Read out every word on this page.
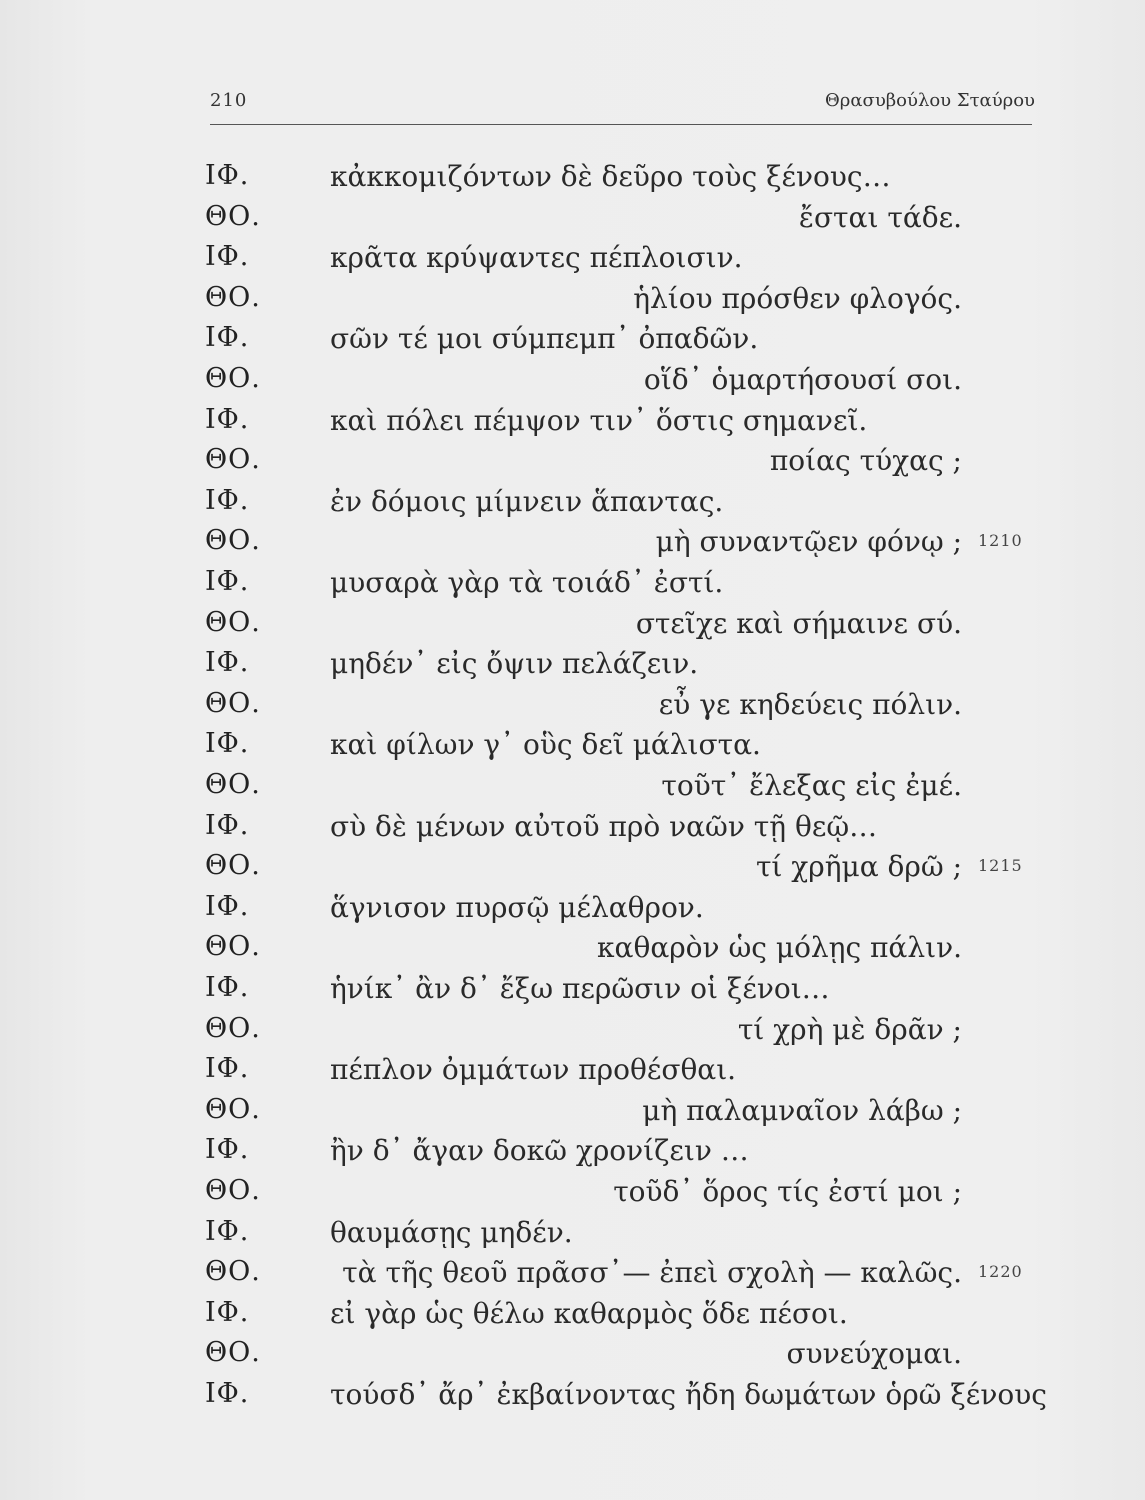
210	Θρασυβούλου Σταύρου
ΙΦ.	κἀκκομιζόντων δὲ δεῦρο τοὺς ξένους…
ΘΟ.	ἔσται τάδε.
ΙΦ.	κρᾶτα κρύψαντες πέπλοισιν.
ΘΟ.	ἡλίου πρόσθεν φλογός.
ΙΦ.	σῶν τέ μοι σύμπεμπ᾽ ὀπαδῶν.
ΘΟ.	οἵδ᾽ ὁμαρτήσουσί σοι.
ΙΦ.	καὶ πόλει πέμψον τιν᾽ ὅστις σημανεῖ.
ΘΟ.	ποίας τύχας ;
ΙΦ.	ἐν δόμοις μίμνειν ἅπαντας.
ΘΟ.	μὴ συναντῷεν φόνῳ ; 1210
ΙΦ.	μυσαρὰ γὰρ τὰ τοιάδ᾽ ἐστί.
ΘΟ.	στεῖχε καὶ σήμαινε σύ.
ΙΦ.	μηδέν᾽ εἰς ὄψιν πελάζειν.
ΘΟ.	εὖ γε κηδεύεις πόλιν.
ΙΦ.	καὶ φίλων γ᾽ οὓς δεῖ μάλιστα.
ΘΟ.	τοῦτ᾽ ἔλεξας εἰς ἐμέ.
ΙΦ.	σὺ δὲ μένων αὐτοῦ πρὸ ναῶν τῇ θεῷ…
ΘΟ.	τί χρῆμα δρῶ ; 1215
ΙΦ.	ἅγνισον πυρσῷ μέλαθρον.
ΘΟ.	καθαρὸν ὡς μόλῃς πάλιν.
ΙΦ.	ἡνίκ᾽ ἂν δ᾽ ἔξω περῶσιν οἱ ξένοι…
ΘΟ.	τί χρὴ μὲ δρᾶν ;
ΙΦ.	πέπλον ὀμμάτων προθέσθαι.
ΘΟ.	μὴ παλαμναῖον λάβω ;
ΙΦ.	ἢν δ᾽ ἄγαν δοκῶ χρονίζειν …
ΘΟ.	τοῦδ᾽ ὅρος τίς ἐστί μοι ;
ΙΦ.	θαυμάσῃς μηδέν.
ΘΟ.	τὰ τῆς θεοῦ πρᾶσσ᾽— ἐπεὶ σχολὴ — καλῶς. 1220
ΙΦ.	εἰ γὰρ ὡς θέλω καθαρμὸς ὅδε πέσοι.
ΘΟ.	συνεύχομαι.
ΙΦ.	τούσδ᾽ ἄρ᾽ ἐκβαίνοντας ἤδη δωμάτων ὁρῶ ξένους
